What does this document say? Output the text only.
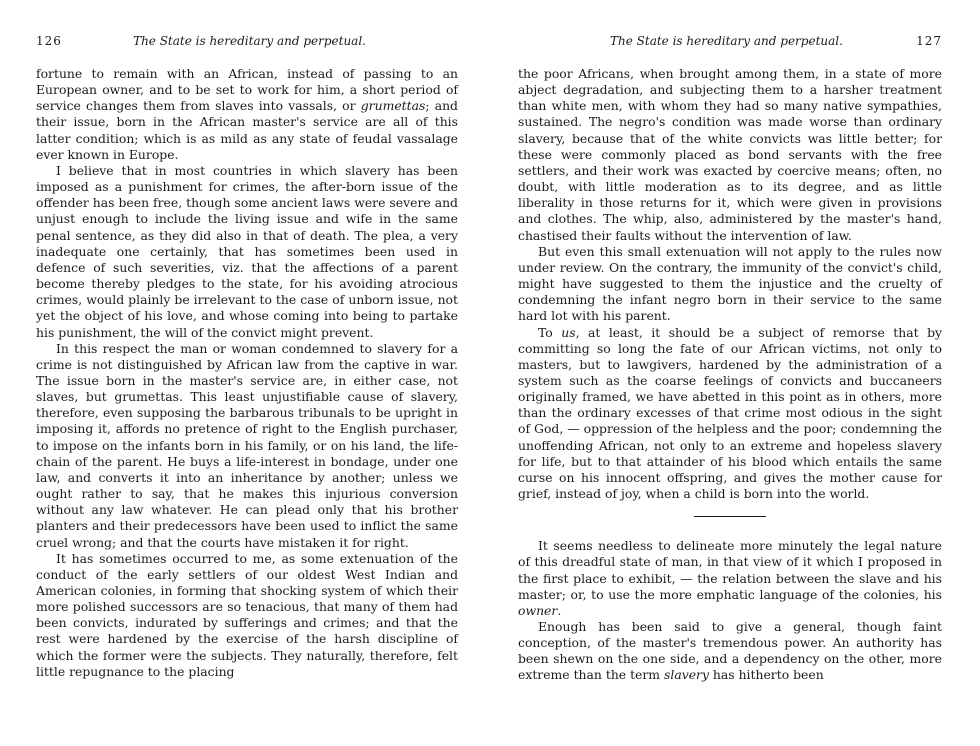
126	The State is hereditary and perpetual.

fortune to remain with an African, instead of passing to an European owner, and to be set to work for him, a short period of service changes them from slaves into vassals, or grumettas; and their issue, born in the African master's service are all of this latter condition; which is as mild as any state of feudal vassalage ever known in Europe.

I believe that in most countries in which slavery has been imposed as a punishment for crimes, the after-born issue of the offender has been free, though some ancient laws were severe and unjust enough to include the living issue and wife in the same penal sentence, as they did also in that of death. The plea, a very inadequate one certainly, that has sometimes been used in defence of such severities, viz. that the affections of a parent become thereby pledges to the state, for his avoiding atrocious crimes, would plainly be irrelevant to the case of unborn issue, not yet the object of his love, and whose coming into being to partake his punishment, the will of the convict might prevent.

In this respect the man or woman condemned to slavery for a crime is not distinguished by African law from the captive in war. The issue born in the master's service are, in either case, not slaves, but grumettas. This least unjustifiable cause of slavery, therefore, even supposing the barbarous tribunals to be upright in imposing it, affords no pretence of right to the English purchaser, to impose on the infants born in his family, or on his land, the life-chain of the parent. He buys a life-interest in bondage, under one law, and converts it into an inheritance by another; unless we ought rather to say, that he makes this injurious conversion without any law whatever. He can plead only that his brother planters and their predecessors have been used to inflict the same cruel wrong; and that the courts have mistaken it for right.

It has sometimes occurred to me, as some extenuation of the conduct of the early settlers of our oldest West Indian and American colonies, in forming that shocking system of which their more polished successors are so tenacious, that many of them had been convicts, indurated by sufferings and crimes; and that the rest were hardened by the exercise of the harsh discipline of which the former were the subjects. They naturally, therefore, felt little repugnance to the placing

The State is hereditary and perpetual.	127

the poor Africans, when brought among them, in a state of more abject degradation, and subjecting them to a harsher treatment than white men, with whom they had so many native sympathies, sustained. The negro's condition was made worse than ordinary slavery, because that of the white convicts was little better; for these were commonly placed as bond servants with the free settlers, and their work was exacted by coercive means; often, no doubt, with little moderation as to its degree, and as little liberality in those returns for it, which were given in provisions and clothes. The whip, also, administered by the master's hand, chastised their faults without the intervention of law.

But even this small extenuation will not apply to the rules now under review. On the contrary, the immunity of the convict's child, might have suggested to them the injustice and the cruelty of condemning the infant negro born in their service to the same hard lot with his parent.

To us, at least, it should be a subject of remorse that by committing so long the fate of our African victims, not only to masters, but to lawgivers, hardened by the administration of a system such as the coarse feelings of convicts and buccaneers originally framed, we have abetted in this point as in others, more than the ordinary excesses of that crime most odious in the sight of God, — oppression of the helpless and the poor; condemning the unoffending African, not only to an extreme and hopeless slavery for life, but to that attainder of his blood which entails the same curse on his innocent offspring, and gives the mother cause for grief, instead of joy, when a child is born into the world.

It seems needless to delineate more minutely the legal nature of this dreadful state of man, in that view of it which I proposed in the first place to exhibit, — the relation between the slave and his master; or, to use the more emphatic language of the colonies, his owner.

Enough has been said to give a general, though faint conception, of the master's tremendous power. An authority has been shewn on the one side, and a dependency on the other, more extreme than the term slavery has hitherto been
